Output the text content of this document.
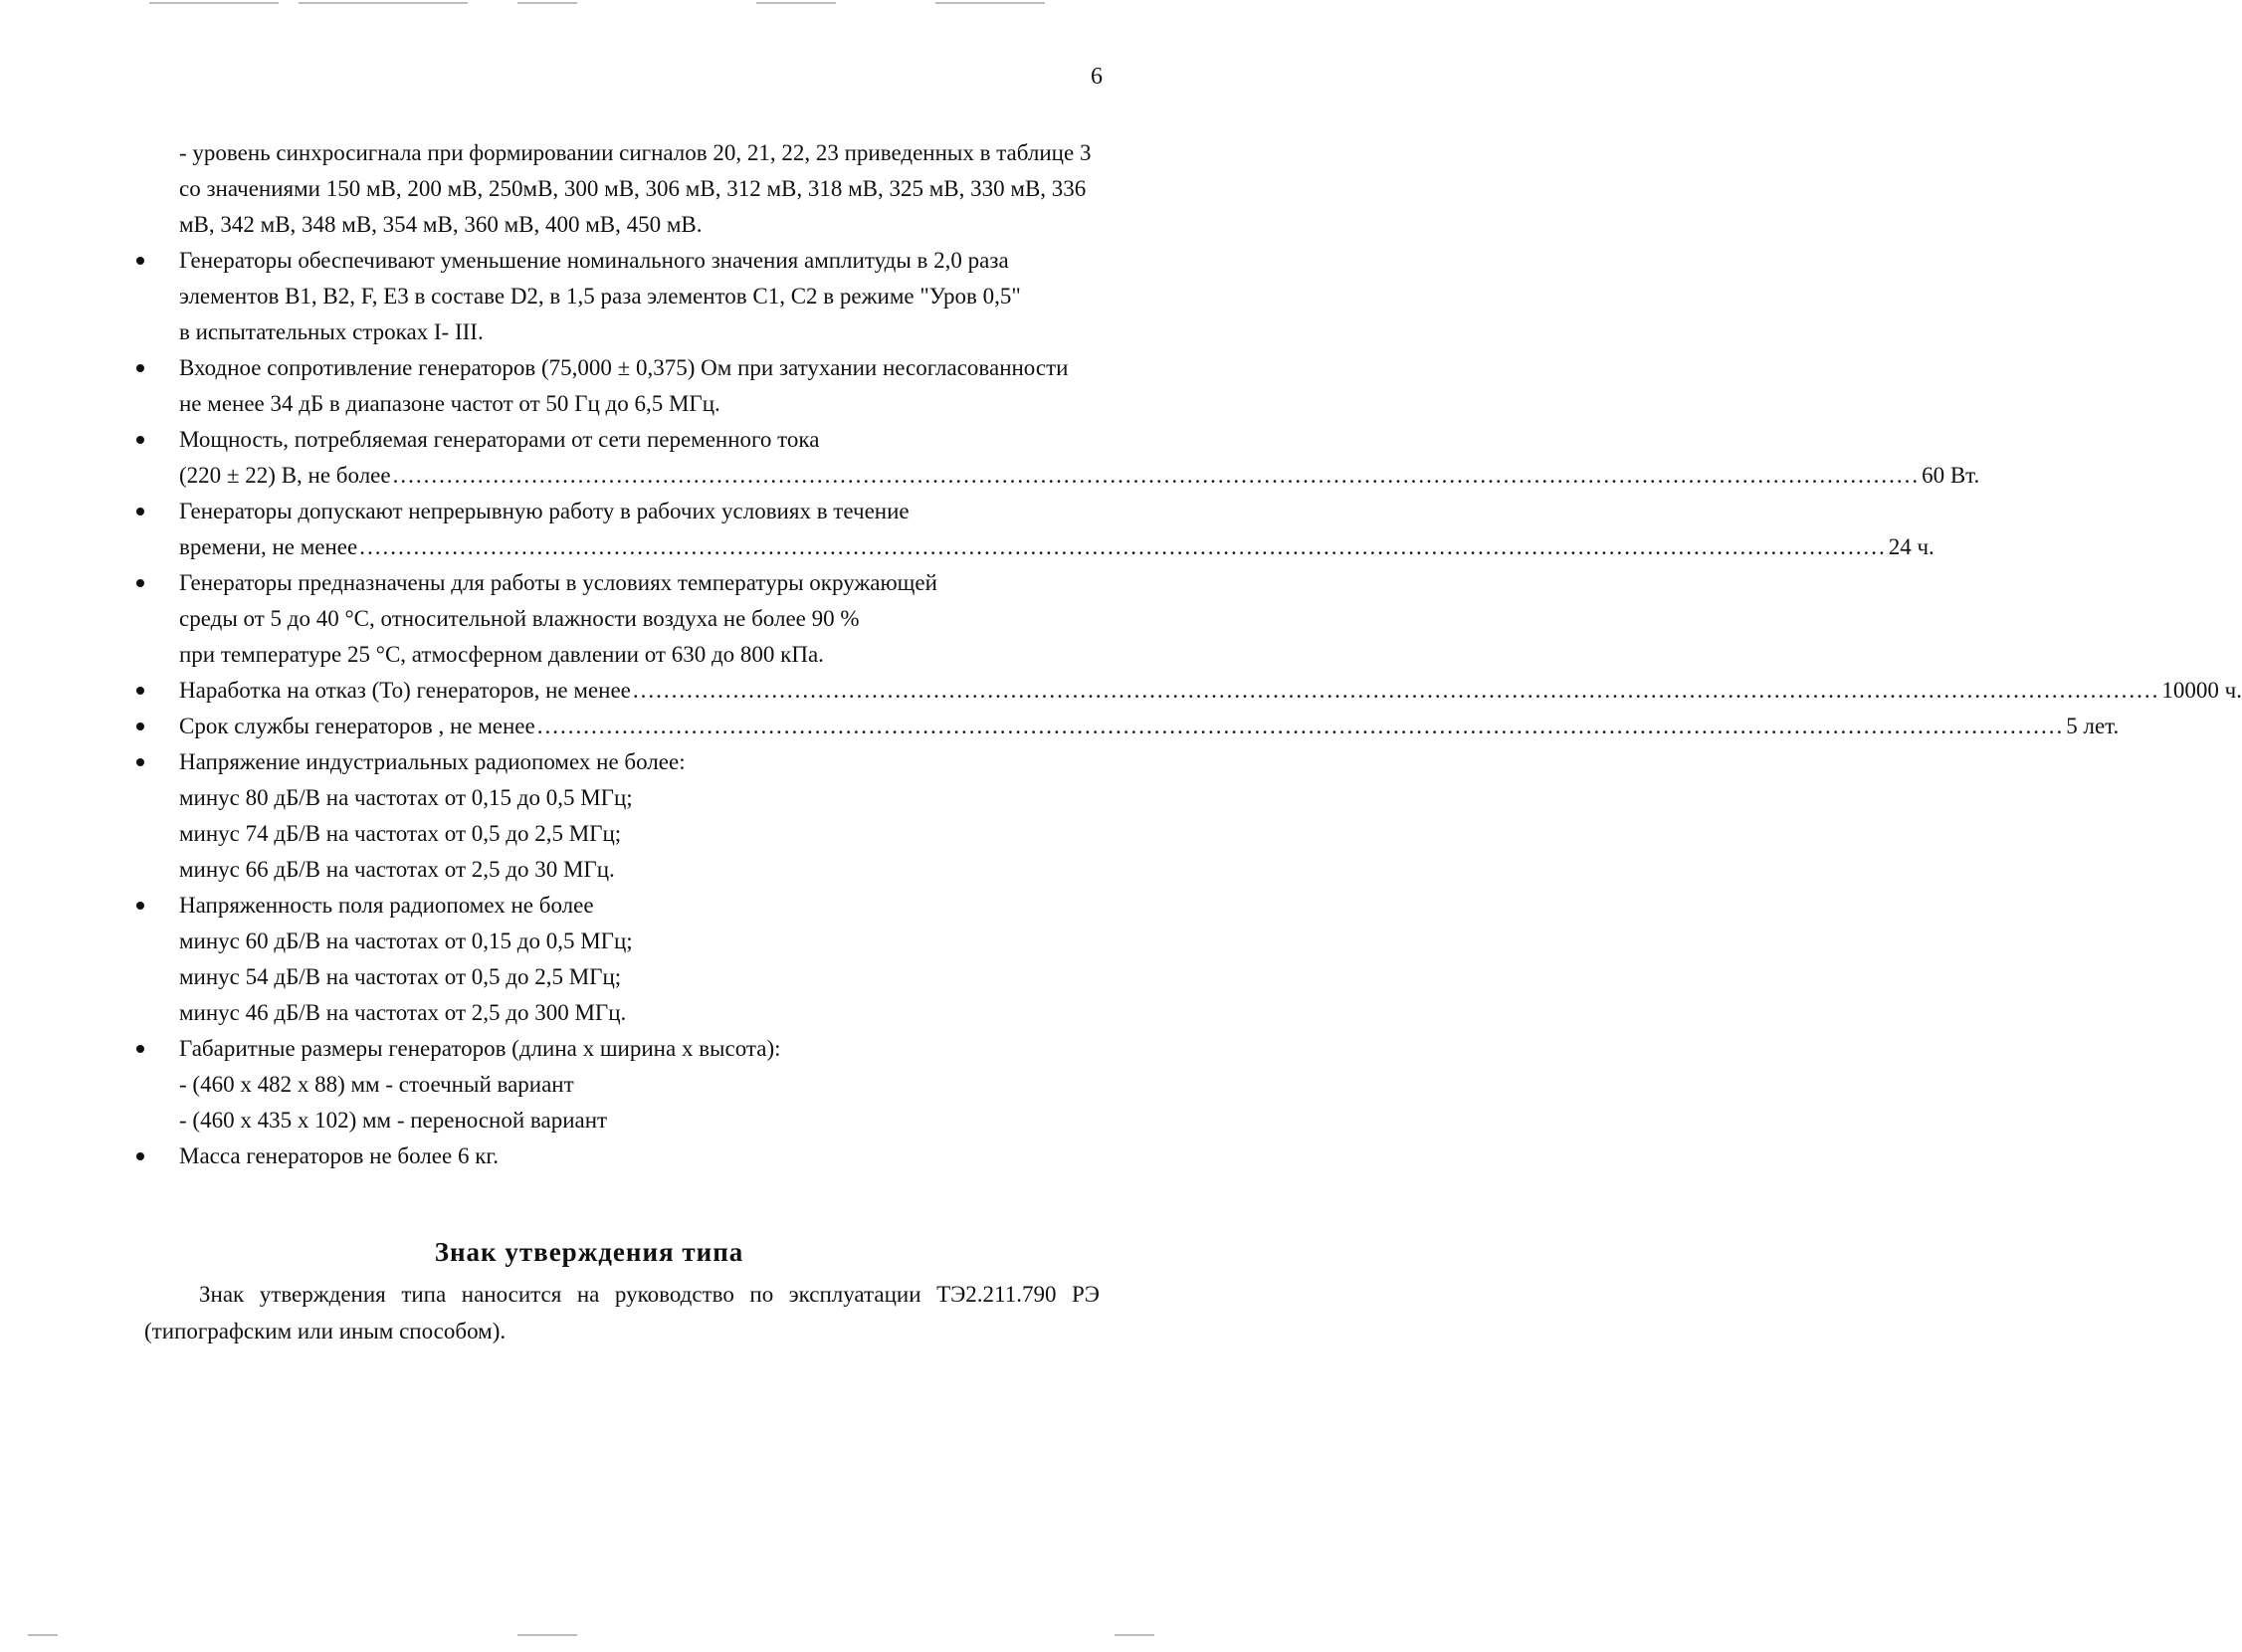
6
- уровень синхросигнала при формировании сигналов 20, 21, 22, 23 приведенных в таблице 3
со значениями 150 мВ, 200 мВ, 250мВ, 300 мВ, 306 мВ, 312 мВ, 318 мВ, 325 мВ, 330 мВ, 336
мВ, 342 мВ, 348 мВ, 354 мВ, 360 мВ, 400 мВ, 450 мВ.
Генераторы обеспечивают уменьшение номинального значения амплитуды в 2,0 раза
элементов В1, В2, F, Е3 в составе D2, в 1,5 раза элементов С1, С2 в режиме "Уров 0,5"
в испытательных строках I- III.
Входное сопротивление генераторов (75,000 ± 0,375) Ом при затухании несогласованности
не менее 34 дБ в диапазоне частот от 50 Гц до 6,5 МГц.
Мощность, потребляемая генераторами от сети переменного тока
(220 ± 22) В, не более ...................................................................................................................................................................................................... 60 Вт.
Генераторы допускают непрерывную работу в рабочих условиях в течение
времени, не менее ...................................................................................................................................................................................................... 24 ч.
Генераторы предназначены для работы в условиях температуры окружающей
среды от 5 до 40 °С, относительной влажности воздуха не более 90 %
при температуре 25 °С, атмосферном давлении от 630 до 800 кПа.
Наработка на отказ (То) генераторов, не менее ...................................................................................................................................................................................................... 10000 ч.
Срок службы генераторов , не менее ...................................................................................................................................................................................................... 5 лет.
Напряжение индустриальных радиопомех не более:
минус 80 дБ/В на частотах от 0,15 до 0,5 МГц;
минус 74 дБ/В на частотах от 0,5 до 2,5 МГц;
минус 66 дБ/В на частотах от 2,5 до 30 МГц.
Напряженность поля радиопомех не более
минус 60 дБ/В на частотах от 0,15 до 0,5 МГц;
минус 54 дБ/В на частотах от 0,5 до 2,5 МГц;
минус 46 дБ/В на частотах от 2,5 до 300 МГц.
Габаритные размеры генераторов (длина х ширина х высота):
- (460 х 482 х 88) мм - стоечный вариант
- (460 х 435 х 102) мм - переносной вариант
Масса генераторов не более 6 кг.
Знак утверждения типа
Знак утверждения типа наносится на руководство по эксплуатации ТЭ2.211.790 РЭ (типографским или иным способом).
